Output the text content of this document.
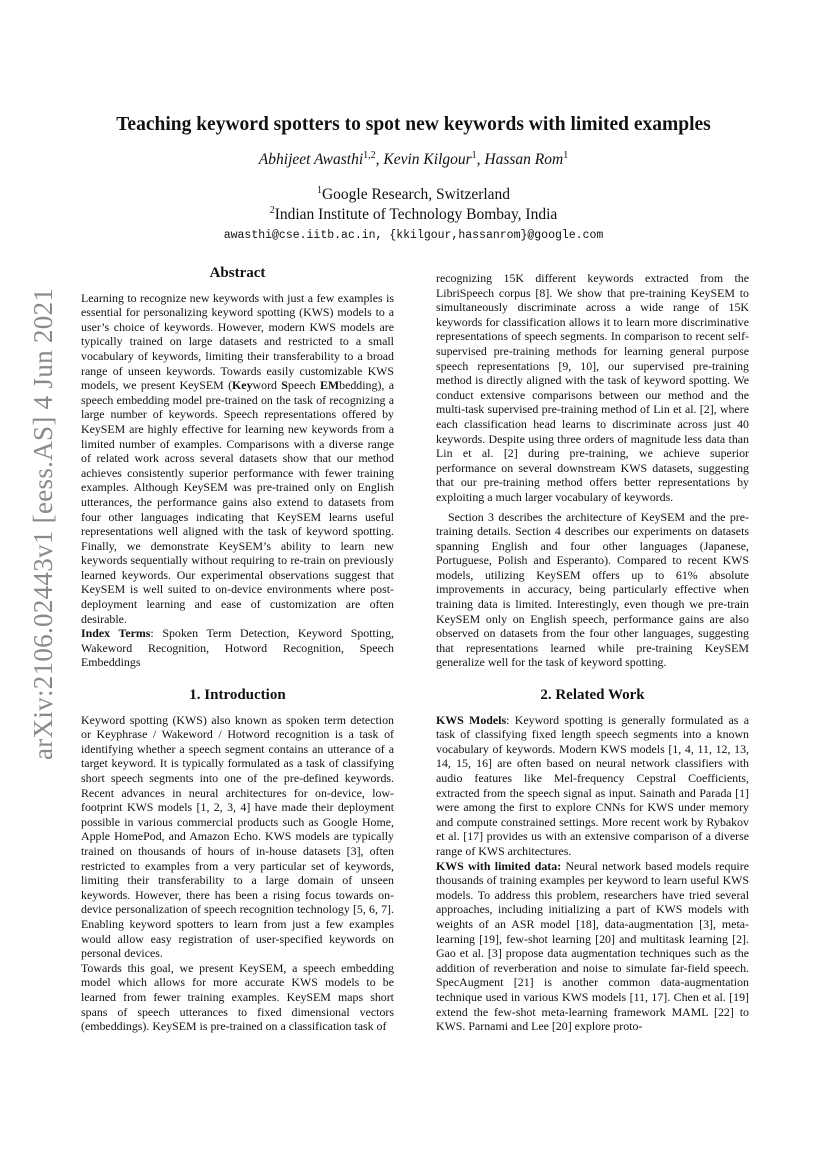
arXiv:2106.02443v1 [eess.AS] 4 Jun 2021
Teaching keyword spotters to spot new keywords with limited examples
Abhijeet Awasthi$^{1,2}$, Kevin Kilgour$^1$, Hassan Rom$^1$
$^1$Google Research, Switzerland
$^2$Indian Institute of Technology Bombay, India
awasthi@cse.iitb.ac.in, {kkilgour,hassanrom}@google.com
Abstract

Learning to recognize new keywords with just a few examples is essential for personalizing keyword spotting (KWS) models to a user’s choice of keywords. However, modern KWS models are typically trained on large datasets and restricted to a small vocabulary of keywords, limiting their transferability to a broad range of unseen keywords. Towards easily customizable KWS models, we present KeySEM (Keyword Speech EMbedding), a speech embedding model pre-trained on the task of recognizing a large number of keywords. Speech representations offered by KeySEM are highly effective for learning new keywords from a limited number of examples. Comparisons with a diverse range of related work across several datasets show that our method achieves consistently superior performance with fewer training examples. Although KeySEM was pre-trained only on English utterances, the performance gains also extend to datasets from four other languages indicating that KeySEM learns useful representations well aligned with the task of keyword spotting. Finally, we demonstrate KeySEM’s ability to learn new keywords sequentially without requiring to re-train on previously learned keywords. Our experimental observations suggest that KeySEM is well suited to on-device environments where post-deployment learning and ease of customization are often desirable.

Index Terms: Spoken Term Detection, Keyword Spotting, Wakeword Recognition, Hotword Recognition, Speech Embeddings

1. Introduction

Keyword spotting (KWS) also known as spoken term detection or Keyphrase / Wakeword / Hotword recognition is a task of identifying whether a speech segment contains an utterance of a target keyword. It is typically formulated as a task of classifying short speech segments into one of the pre-defined keywords. Recent advances in neural architectures for on-device, low-footprint KWS models [1, 2, 3, 4] have made their deployment possible in various commercial products such as Google Home, Apple HomePod, and Amazon Echo. KWS models are typically trained on thousands of hours of in-house datasets [3], often restricted to examples from a very particular set of keywords, limiting their transferability to a large domain of unseen keywords. However, there has been a rising focus towards on-device personalization of speech recognition technology [5, 6, 7]. Enabling keyword spotters to learn from just a few examples would allow easy registration of user-specified keywords on personal devices.

Towards this goal, we present KeySEM, a speech embedding model which allows for more accurate KWS models to be learned from fewer training examples. KeySEM maps short spans of speech utterances to fixed dimensional vectors (embeddings). KeySEM is pre-trained on a classification task of

recognizing 15K different keywords extracted from the LibriSpeech corpus [8]. We show that pre-training KeySEM to simultaneously discriminate across a wide range of 15K keywords for classification allows it to learn more discriminative representations of speech segments. In comparison to recent self-supervised pre-training methods for learning general purpose speech representations [9, 10], our supervised pre-training method is directly aligned with the task of keyword spotting. We conduct extensive comparisons between our method and the multi-task supervised pre-training method of Lin et al. [2], where each classification head learns to discriminate across just 40 keywords. Despite using three orders of magnitude less data than Lin et al. [2] during pre-training, we achieve superior performance on several downstream KWS datasets, suggesting that our pre-training method offers better representations by exploiting a much larger vocabulary of keywords.

Section 3 describes the architecture of KeySEM and the pre-training details. Section 4 describes our experiments on datasets spanning English and four other languages (Japanese, Portuguese, Polish and Esperanto). Compared to recent KWS models, utilizing KeySEM offers up to 61% absolute improvements in accuracy, being particularly effective when training data is limited. Interestingly, even though we pre-train KeySEM only on English speech, performance gains are also observed on datasets from the four other languages, suggesting that representations learned while pre-training KeySEM generalize well for the task of keyword spotting.

2. Related Work

KWS Models: Keyword spotting is generally formulated as a task of classifying fixed length speech segments into a known vocabulary of keywords. Modern KWS models [1, 4, 11, 12, 13, 14, 15, 16] are often based on neural network classifiers with audio features like Mel-frequency Cepstral Coefficients, extracted from the speech signal as input. Sainath and Parada [1] were among the first to explore CNNs for KWS under memory and compute constrained settings. More recent work by Rybakov et al. [17] provides us with an extensive comparison of a diverse range of KWS architectures.

KWS with limited data: Neural network based models require thousands of training examples per keyword to learn useful KWS models. To address this problem, researchers have tried several approaches, including initializing a part of KWS models with weights of an ASR model [18], data-augmentation [3], meta-learning [19], few-shot learning [20] and multitask learning [2]. Gao et al. [3] propose data augmentation techniques such as the addition of reverberation and noise to simulate far-field speech. SpecAugment [21] is another common data-augmentation technique used in various KWS models [11, 17]. Chen et al. [19] extend the few-shot meta-learning framework MAML [22] to KWS. Parnami and Lee [20] explore proto-
